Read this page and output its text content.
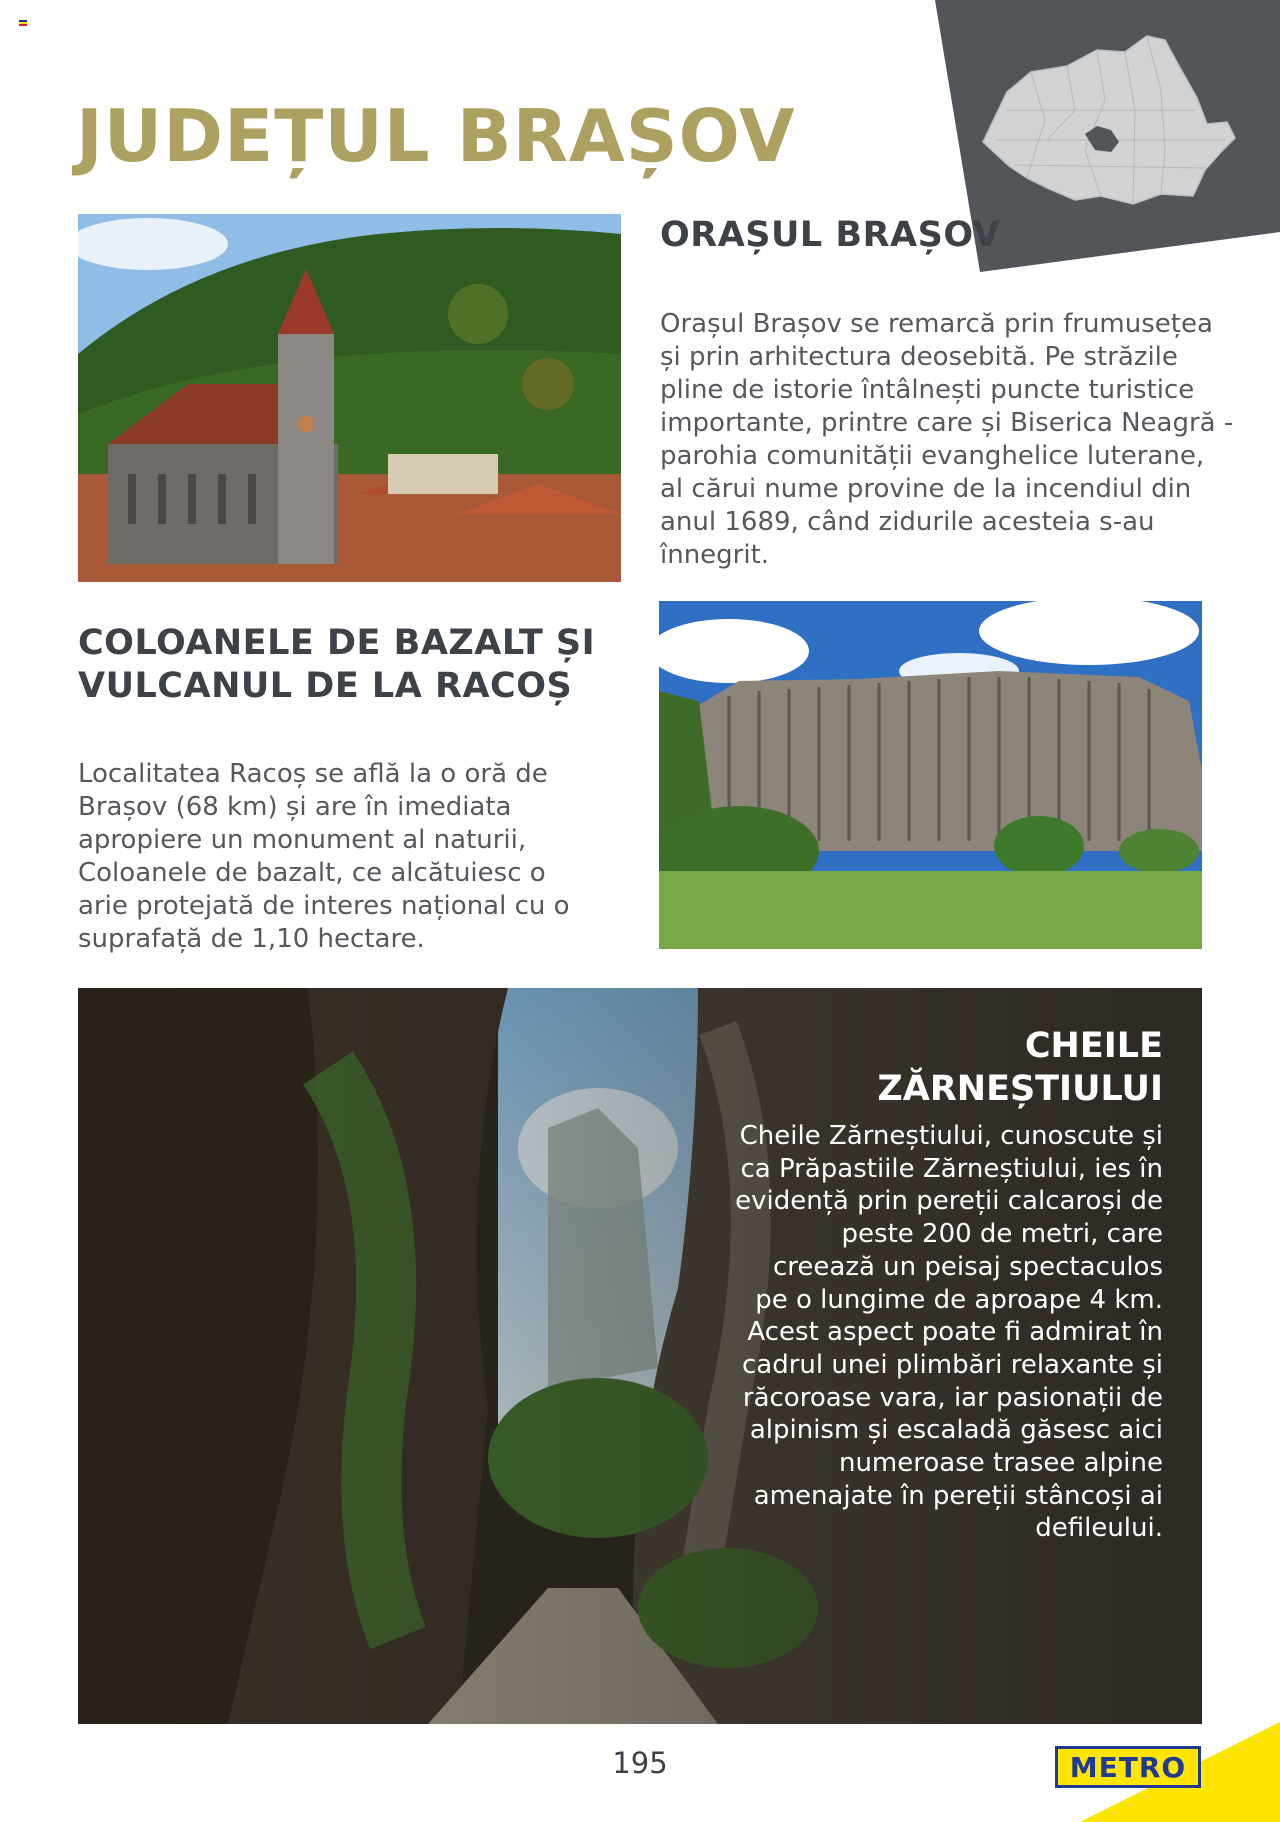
JUDEȚUL BRAȘOV
ORAȘUL BRAȘOV

Orașul Brașov se remarcă prin frumusețea și prin arhitectura deosebită. Pe străzile pline de istorie întâlnești puncte turistice importante, printre care și Biserica Neagră - parohia comunității evanghelice luterane, al cărui nume provine de la incendiul din anul 1689, când zidurile acesteia s-au înnegrit.

COLOANELE DE BAZALT ȘI VULCANUL DE LA RACOȘ

Localitatea Racoș se află la o oră de Brașov (68 km) și are în imediata apropiere un monument al naturii, Coloanele de bazalt, ce alcătuiesc o arie protejată de interes național cu o suprafață de 1,10 hectare.

CHEILE ZĂRNEȘTIULUI

Cheile Zărneștiului, cunoscute și ca Prăpastiile Zărneștiului, ies în evidență prin pereții calcaroși de peste 200 de metri, care creează un peisaj spectaculos pe o lungime de aproape 4 km. Acest aspect poate fi admirat în cadrul unei plimbări relaxante și răcoroase vara, iar pasionații de alpinism și escaladă găsesc aici numeroase trasee alpine amenajate în pereții stâncoși ai defileului.

195	METRO
